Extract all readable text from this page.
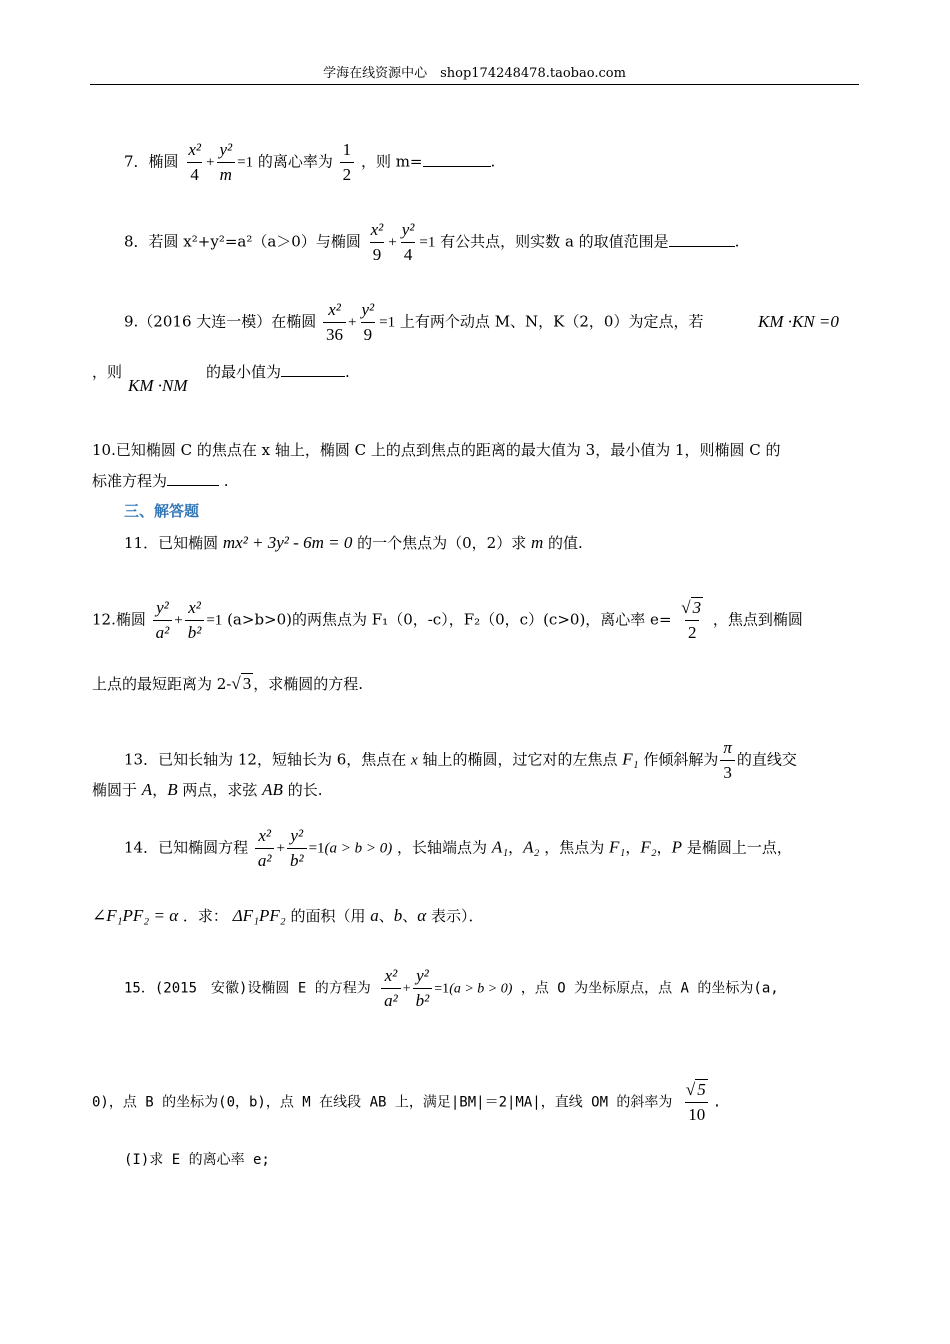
学海在线资源中心　shop174248478.taobao.com
7．椭圆 $\frac{\text{x²}}{4} + \frac{\text{y²}}{m} =1$ 的离心率为 $\frac{1}{2}$ ，则 m=	.
8．若圆 x²+y²=a²（a＞0）与椭圆 $\frac{\text{x²}}{9} + \frac{\text{y²}}{4} =1$ 有公共点，则实数 a 的取值范围是	.
9.（2016 大连一模）在椭圆 $\frac{\text{x²}}{36} + \frac{\text{y²}}{9} =1$ 上有两个动点 M、N，K（2，0）为定点，若	KM ·KN =0
，则
KM ·NM
的最小值为	.
10.已知椭圆 C 的焦点在 x 轴上，椭圆 C 上的点到焦点的距离的最大值为 3，最小值为 1，则椭圆 C 的
标准方程为	.
三、解答题
11．已知椭圆 mx² + 3y² - 6m = 0 的一个焦点为（0，2）求 m 的值.
12.椭圆 $\frac{\text{y²}}{\text{a²}} + \frac{\text{x²}}{\text{b²}} =1$ (a>b>0)的两焦点为 F₁（0，-c），F₂（0，c）(c>0)，离心率 $e= \frac{√ 3}{2}$ ，焦点到椭圆
上点的最短距离为 2-√ 3 ，求椭圆的方程.
13．已知长轴为 12，短轴长为 6，焦点在 x 轴上的椭圆，过它对的左焦点 F₁ 作倾斜解为 $\frac{\pi}{3}$ 的直线交
椭圆于 A，B 两点，求弦 AB 的长.
14．已知椭圆方程 $\frac{\text{x²}}{\text{a²}} + \frac{\text{y²}}{\text{b²}} =1(a > b > 0)$ ，长轴端点为 A₁，A₂ ，焦点为 F₁，F₂，P 是椭圆上一点，
∠F₁PF₂ = α ．求： ΔF₁PF₂ 的面积（用 a、b、α 表示）．
15．(2015　安徽)设椭圆 E 的方程为 $\frac{\text{x²}}{\text{a²}} + \frac{\text{y²}}{\text{b²}} =1(a > b > 0)$ ，点 O 为坐标原点，点 A 的坐标为(a,
0)，点 B 的坐标为(0，b)，点 M 在线段 AB 上，满足|BM|＝2|MA|，直线 OM 的斜率为 $\frac{√ 5}{10}$ .
(I)求 E 的离心率 e;
